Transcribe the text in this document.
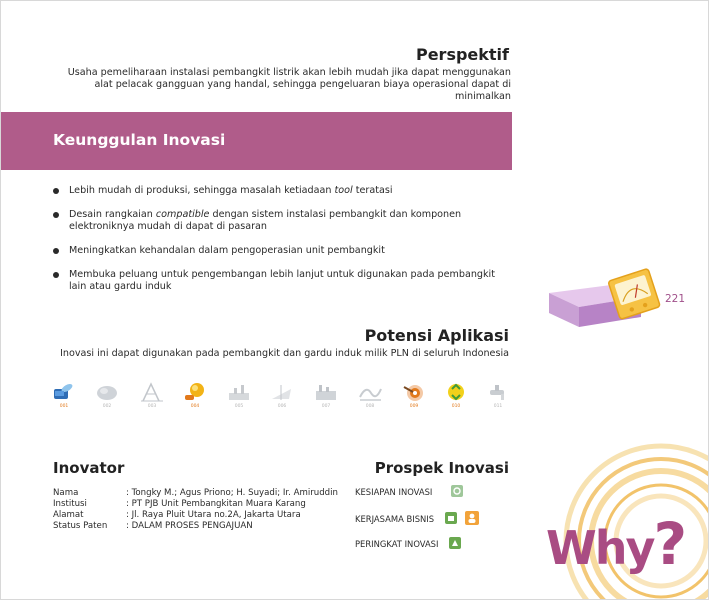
Perspektif
Usaha pemeliharaan instalasi pembangkit listrik akan lebih mudah jika dapat menggunakan alat pelacak gangguan yang handal, sehingga pengeluaran biaya operasional dapat di minimalkan
Keunggulan Inovasi
Lebih mudah di produksi, sehingga masalah ketiadaan tool teratasi
Desain rangkaian compatible dengan sistem instalasi pembangkit dan komponen elektroniknya mudah di dapat di pasaran
Meningkatkan kehandalan dalam pengoperasian unit pembangkit
Membuka peluang untuk pengembangan lebih lanjut untuk digunakan pada pembangkit lain atau gardu induk
Potensi Aplikasi
Inovasi ini dapat digunakan pada pembangkit dan gardu induk milik PLN di seluruh Indonesia
001	002	003	004	005	006	007	008	009	010	011
Inovator
Nama	: Tongky M.; Agus Priono; H. Suyadi; Ir. Amiruddin
Institusi	: PT PJB Unit Pembangkitan Muara Karang
Alamat	: Jl. Raya Pluit Utara no.2A, Jakarta Utara
Status Paten	: DALAM PROSES PENGAJUAN
Prospek Inovasi
KESIAPAN INOVASI
KERJASAMA BISNIS
PERINGKAT INOVASI
221
Why?
